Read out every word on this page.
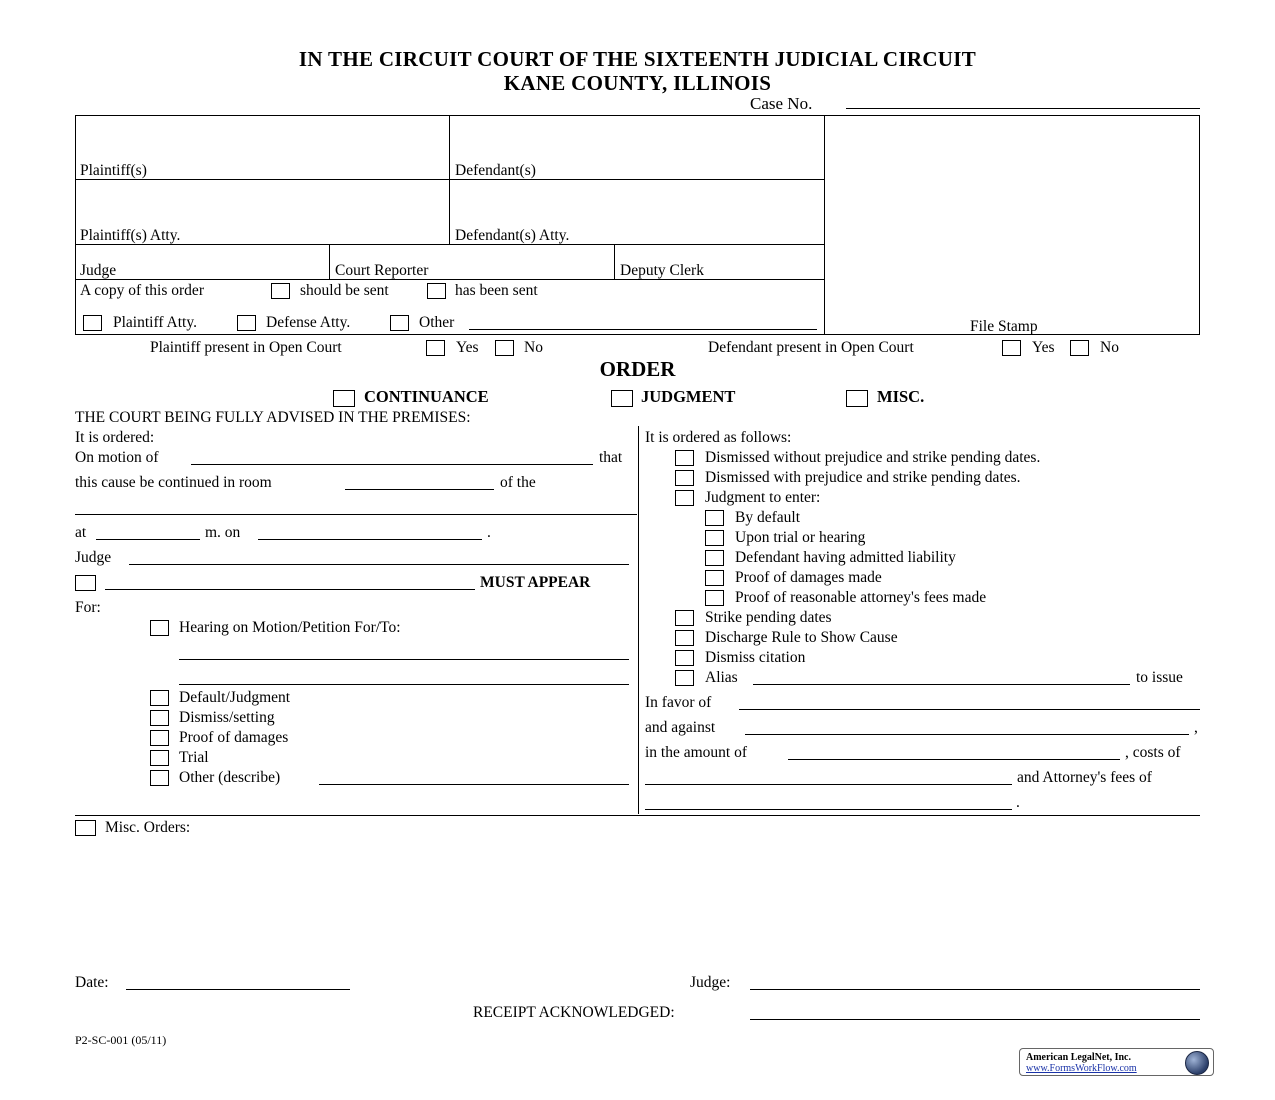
IN THE CIRCUIT COURT OF THE SIXTEENTH JUDICIAL CIRCUIT
KANE COUNTY, ILLINOIS
Case No.
Plaintiff(s)	Defendant(s)
Plaintiff(s) Atty.	Defendant(s) Atty.
Judge	Court Reporter	Deputy Clerk
A copy of this order	should be sent	has been sent
Plaintiff Atty.	Defense Atty.	Other	File Stamp
Plaintiff present in Open Court	Yes	No	Defendant present in Open Court	Yes	No
ORDER
CONTINUANCE	JUDGMENT	MISC.
THE COURT BEING FULLY ADVISED IN THE PREMISES:
It is ordered:
On motion of	that
this cause be continued in room	of the
at	m. on	.
Judge
MUST APPEAR
For:
Hearing on Motion/Petition For/To:
Default/Judgment
Dismiss/setting
Proof of damages
Trial
Other (describe)
It is ordered as follows:
Dismissed without prejudice and strike pending dates.
Dismissed with prejudice and strike pending dates.
Judgment to enter:
By default
Upon trial or hearing
Defendant having admitted liability
Proof of damages made
Proof of reasonable attorney's fees made
Strike pending dates
Discharge Rule to Show Cause
Dismiss citation
Alias	to issue
In favor of
and against	,
in the amount of	, costs of
and Attorney's fees of
.
Misc. Orders:
Date:	Judge:
RECEIPT ACKNOWLEDGED:
P2-SC-001 (05/11)
American LegalNet, Inc.
www.FormsWorkFlow.com
